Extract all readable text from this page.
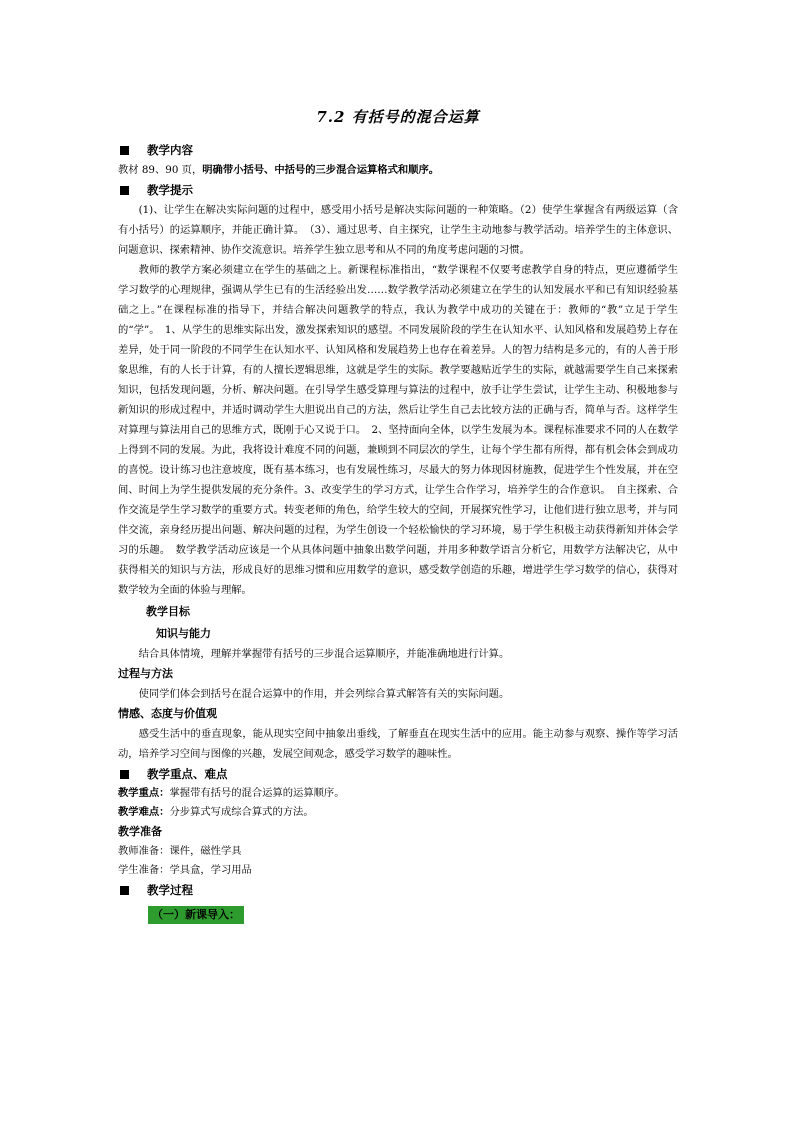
7.2 有括号的混合运算
教学内容

教材 89、90 页，明确带小括号、中括号的三步混合运算格式和顺序。

教学提示

(1)、让学生在解决实际问题的过程中，感受用小括号是解决实际问题的一种策略。（2）使学生掌握含有两级运算（含有小括号）的运算顺序，并能正确计算。　（3）、通过思考、自主探究，让学生主动地参与教学活动。培养学生的主体意识、问题意识、探索精神、协作交流意识。培养学生独立思考和从不同的角度考虑问题的习惯。

教师的教学方案必须建立在学生的基础之上。新课程标准指出，“数学课程不仅要考虑教学自身的特点，更应遵循学生学习数学的心理规律，强调从学生已有的生活经验出发……数学教学活动必须建立在学生的认知发展水平和已有知识经验基础之上。”在课程标准的指导下，并结合解决问题教学的特点，我认为教学中成功的关键在于：教师的“教”立足于学生的“学”。　1、从学生的思维实际出发，激发探索知识的感望。不同发展阶段的学生在认知水平、认知风格和发展趋势上存在差异，处于同一阶段的不同学生在认知水平、认知风格和发展趋势上也存在着差异。人的智力结构是多元的，有的人善于形象思维，有的人长于计算，有的人擅长逻辑思维，这就是学生的实际。教学要越贴近学生的实际，就越需要学生自己来探索知识，包括发现问题，分析、解决问题。在引导学生感受算理与算法的过程中，放手让学生尝试，让学生主动、积极地参与新知识的形成过程中，并适时调动学生大胆说出自己的方法，然后让学生自己去比较方法的正确与否，简单与否。这样学生对算理与算法用自己的思维方式，既刚于心又说于口。　2、坚持面向全体，以学生发展为本。课程标准要求不同的人在数学上得到不同的发展。为此，我将设计难度不同的问题，兼顾到不同层次的学生，让每个学生都有所得，都有机会体会到成功的喜悦。设计练习也注意坡度，既有基本练习，也有发展性练习，尽最大的努力体现因材施教，促进学生个性发展，并在空间、时间上为学生提供发展的充分条件。3、改变学生的学习方式，让学生合作学习，培养学生的合作意识。　自主探索、合作交流是学生学习数学的重要方式。转变老师的角色，给学生较大的空间，开展探究性学习，让他们进行独立思考，并与同伴交流，亲身经历提出问题、解决问题的过程，为学生创设一个轻松愉快的学习环境，易于学生积极主动获得新知并体会学习的乐趣。　数学教学活动应该是一个从具体问题中抽象出数学问题，并用多种数学语言分析它，用数学方法解决它，从中获得相关的知识与方法，形成良好的思维习惯和应用数学的意识，感受数学创造的乐趣，增进学生学习数学的信心，获得对数学较为全面的体验与理解。

教学目标
知识与能力

结合具体情境，理解并掌握带有括号的三步混合运算顺序，并能准确地进行计算。

过程与方法

使同学们体会到括号在混合运算中的作用，并会列综合算式解答有关的实际问题。

情感、态度与价值观

感受生活中的垂直现象，能从现实空间中抽象出垂线，了解垂直在现实生活中的应用。能主动参与观察、操作等学习活动，培养学习空间与图像的兴趣，发展空间观念，感受学习数学的趣味性。

教学重点、难点
教学重点：掌握带有括号的混合运算的运算顺序。
教学难点：分步算式写成综合算式的方法。
教学准备
教师准备：课件，磁性学具
学生准备：学具盒，学习用品
教学过程
（一）新课导入：
